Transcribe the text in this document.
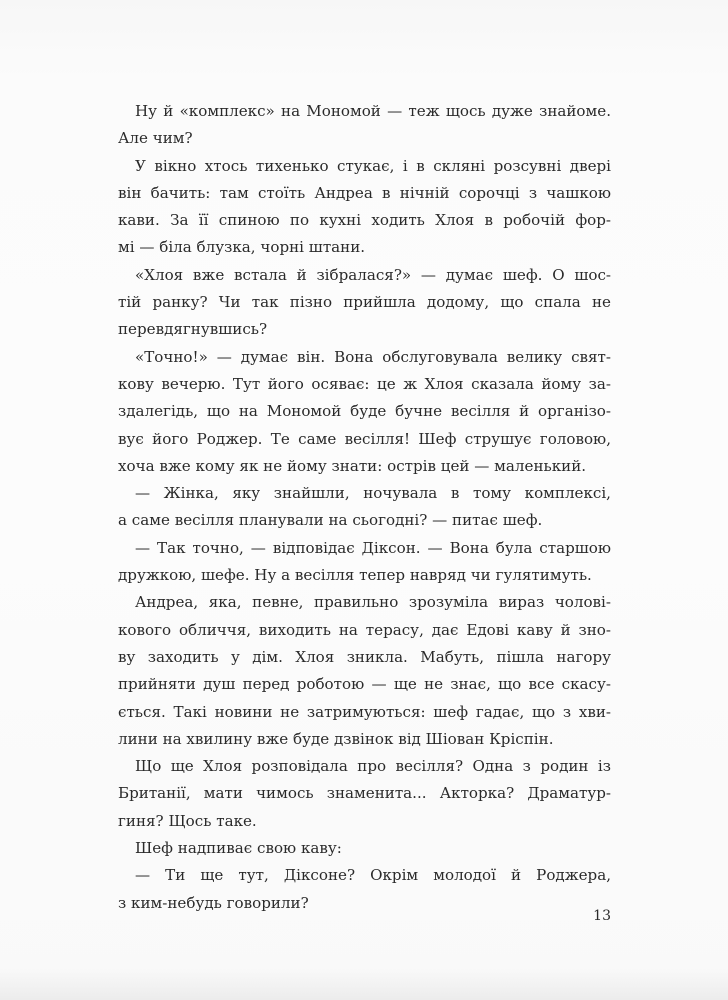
Ну й «комплекс» на Мономой — теж щось дуже знайоме.
Але чим?
У вікно хтось тихенько стукає, і в скляні розсувні двері
він бачить: там стоїть Андреа в нічній сорочці з чашкою
кави. За її спиною по кухні ходить Хлоя в робочій фор-
мі — біла блузка, чорні штани.
«Хлоя вже встала й зібралася?» — думає шеф. О шос-
тій ранку? Чи так пізно прийшла додому, що спала не
перевдягнувшись?
«Точно!» — думає він. Вона обслуговувала велику свят-
кову вечерю. Тут його осяває: це ж Хлоя сказала йому за-
здалегідь, що на Мономой буде бучне весілля й організо-
вує його Роджер. Те саме весілля! Шеф струшує головою,
хоча вже кому як не йому знати: острів цей — маленький.
— Жінка, яку знайшли, ночувала в тому комплексі,
а саме весілля планували на сьогодні? — питає шеф.
— Так точно, — відповідає Діксон. — Вона була старшою
дружкою, шефе. Ну а весілля тепер навряд чи гулятимуть.
Андреа, яка, певне, правильно зрозуміла вираз чолові-
кового обличчя, виходить на терасу, дає Едові каву й зно-
ву заходить у дім. Хлоя зникла. Мабуть, пішла нагору
прийняти душ перед роботою — ще не знає, що все скасу-
ється. Такі новини не затримуються: шеф гадає, що з хви-
лини на хвилину вже буде дзвінок від Шіован Кріспін.
Що ще Хлоя розповідала про весілля? Одна з родин із
Британії, мати чимось знаменита... Акторка? Драматур-
гиня? Щось таке.
Шеф надпиває свою каву:
— Ти ще тут, Діксоне? Окрім молодої й Роджера,
з ким-небудь говорили?
13
